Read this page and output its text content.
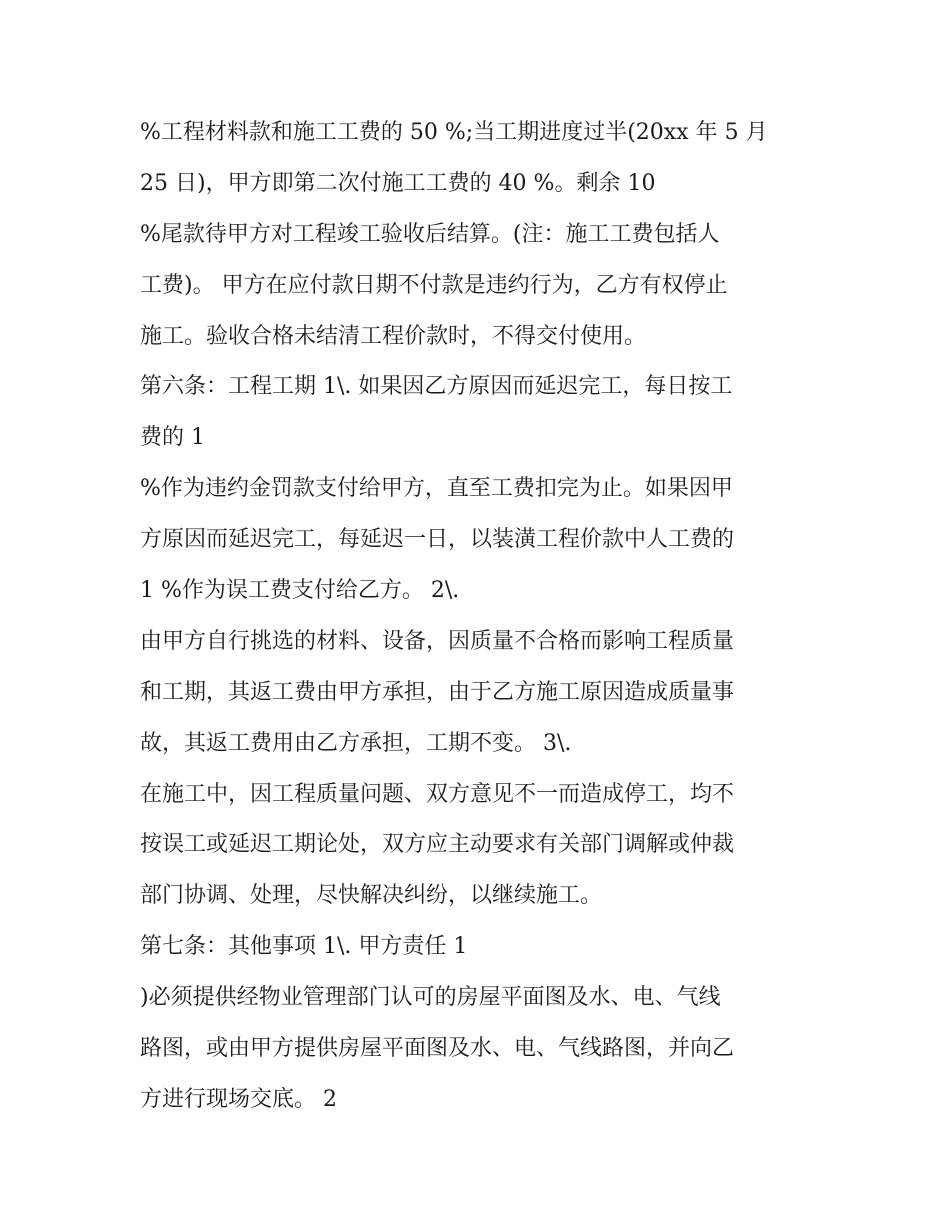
%工程材料款和施工工费的 50 %;当工期进度过半(20xx 年 5 月
25 日)，甲方即第二次付施工工费的 40 %。剩余 10
%尾款待甲方对工程竣工验收后结算。(注：施工工费包括人
工费)。 甲方在应付款日期不付款是违约行为，乙方有权停止
施工。验收合格未结清工程价款时，不得交付使用。
第六条：工程工期 1\. 如果因乙方原因而延迟完工，每日按工
费的 1
%作为违约金罚款支付给甲方，直至工费扣完为止。如果因甲
方原因而延迟完工，每延迟一日，以装潢工程价款中人工费的
1 %作为误工费支付给乙方。 2\.
由甲方自行挑选的材料、设备，因质量不合格而影响工程质量
和工期，其返工费由甲方承担，由于乙方施工原因造成质量事
故，其返工费用由乙方承担，工期不变。 3\.
在施工中，因工程质量问题、双方意见不一而造成停工，均不
按误工或延迟工期论处，双方应主动要求有关部门调解或仲裁
部门协调、处理，尽快解决纠纷，以继续施工。
第七条：其他事项 1\. 甲方责任 1
)必须提供经物业管理部门认可的房屋平面图及水、电、气线
路图，或由甲方提供房屋平面图及水、电、气线路图，并向乙
方进行现场交底。 2
